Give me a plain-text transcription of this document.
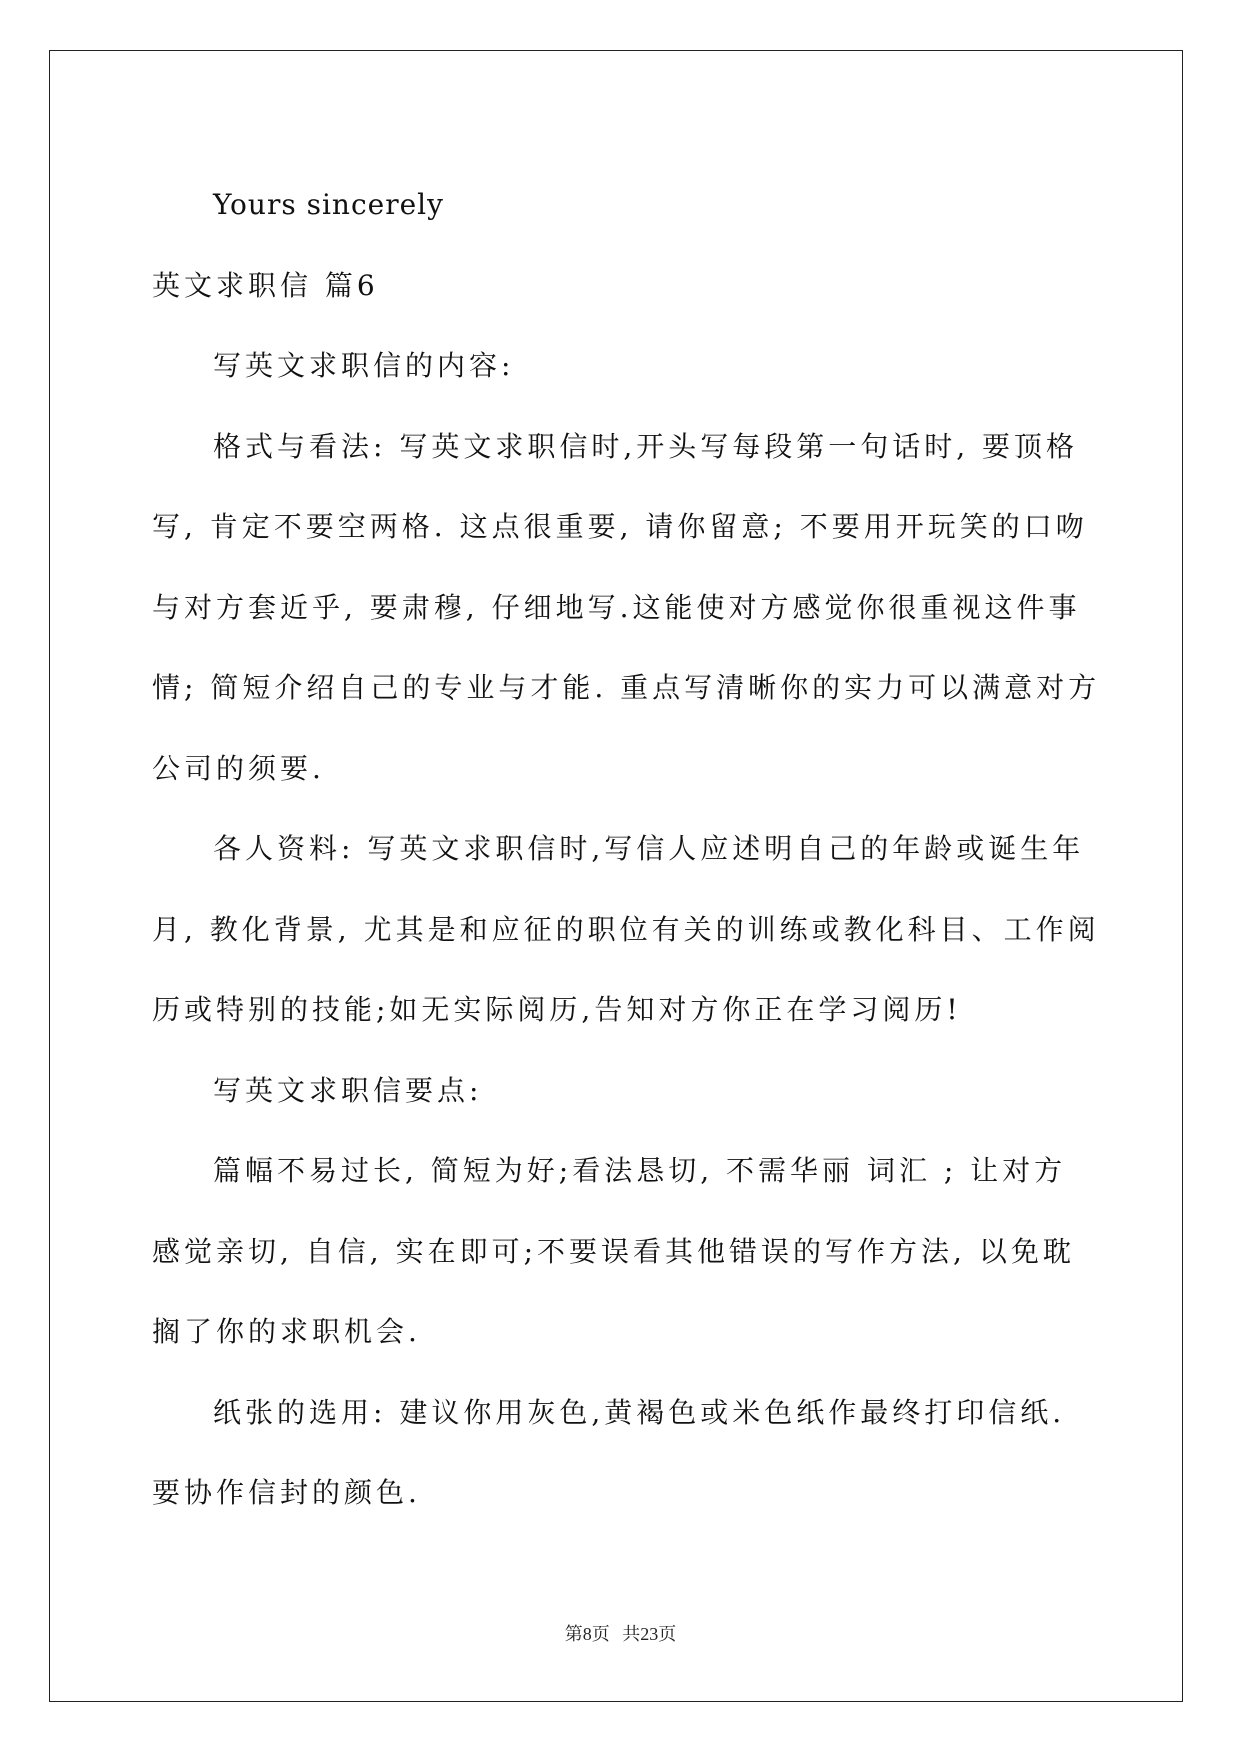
Yours sincerely
英文求职信 篇6
写英文求职信的内容:
格式与看法: 写英文求职信时,开头写每段第一句话时, 要顶格
写, 肯定不要空两格. 这点很重要, 请你留意; 不要用开玩笑的口吻
与对方套近乎, 要肃穆, 仔细地写.这能使对方感觉你很重视这件事
情; 简短介绍自己的专业与才能. 重点写清晰你的实力可以满意对方
公司的须要.
各人资料: 写英文求职信时,写信人应述明自己的年龄或诞生年
月, 教化背景, 尤其是和应征的职位有关的训练或教化科目、工作阅
历或特别的技能;如无实际阅历,告知对方你正在学习阅历!
写英文求职信要点:
篇幅不易过长, 简短为好;看法恳切, 不需华丽 词汇 ; 让对方
感觉亲切, 自信, 实在即可;不要误看其他错误的写作方法, 以免耽
搁了你的求职机会.
纸张的选用: 建议你用灰色,黄褐色或米色纸作最终打印信纸.
要协作信封的颜色.
第8页 共23页
